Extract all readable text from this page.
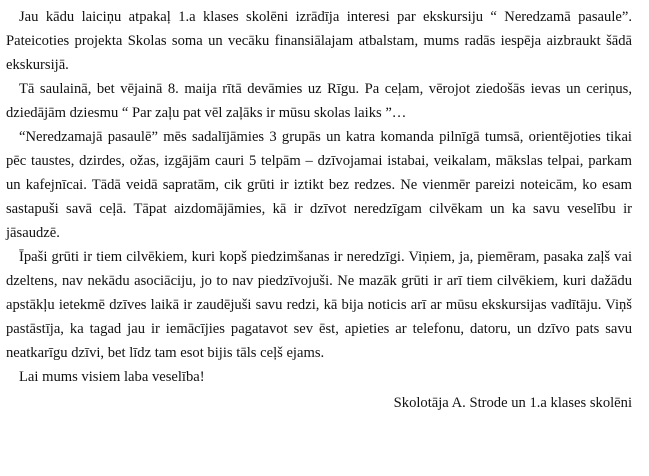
Jau kādu laiciņu atpakaļ 1.a klases skolēni izrādīja interesi par ekskursiju “ Neredzamā pasaule”. Pateicoties projekta Skolas soma un vecāku finansiālajam atbalstam, mums radās iespēja aizbraukt šādā ekskursijā.

Tā saulainā, bet vējainā 8. maija rītā devāmies uz Rīgu. Pa ceļam, vērojot ziedošās ievas un ceriņus, dziedājām dziesmu “ Par zaļu pat vēl zaļāks ir mūsu skolas laiks ”…

“Neredzamajā pasaulē” mēs sadalījāmies 3 grupās un katra komanda pilnīgā tumsā, orientējoties tikai pēc taustes, dzirdes, ožas, izgājām cauri 5 telpām – dzīvojamai istabai, veikalam, mākslas telpai, parkam un kafejnīcai. Tādā veidā sapratām, cik grūti ir iztikt bez redzes. Ne vienmēr pareizi noteicām, ko esam sastapuši savā ceļā. Tāpat aizdomājāmies, kā ir dzīvot neredzīgam cilvēkam un ka savu veselību ir jāsaudzē.

Īpaši grūti ir tiem cilvēkiem, kuri kopš piedzimšanas ir neredzīgi. Viņiem, ja, piemēram, pasaka zaļš vai dzeltens, nav nekādu asociāciju, jo to nav piedzīvojuši. Ne mazāk grūti ir arī tiem cilvēkiem, kuri dažādu apstākļu ietekmē dzīves laikā ir zaudējuši savu redzi, kā bija noticis arī ar mūsu ekskursijas vadītāju. Viņš pastāstīja, ka tagad jau ir iemācījies pagatavot sev ēst, apieties ar telefonu, datoru, un dzīvo pats savu neatkarīgu dzīvi, bet līdz tam esot bijis tāls ceļš ejams.

Lai mums visiem laba veselība!

Skolotāja A. Strode un 1.a klases skolēni
